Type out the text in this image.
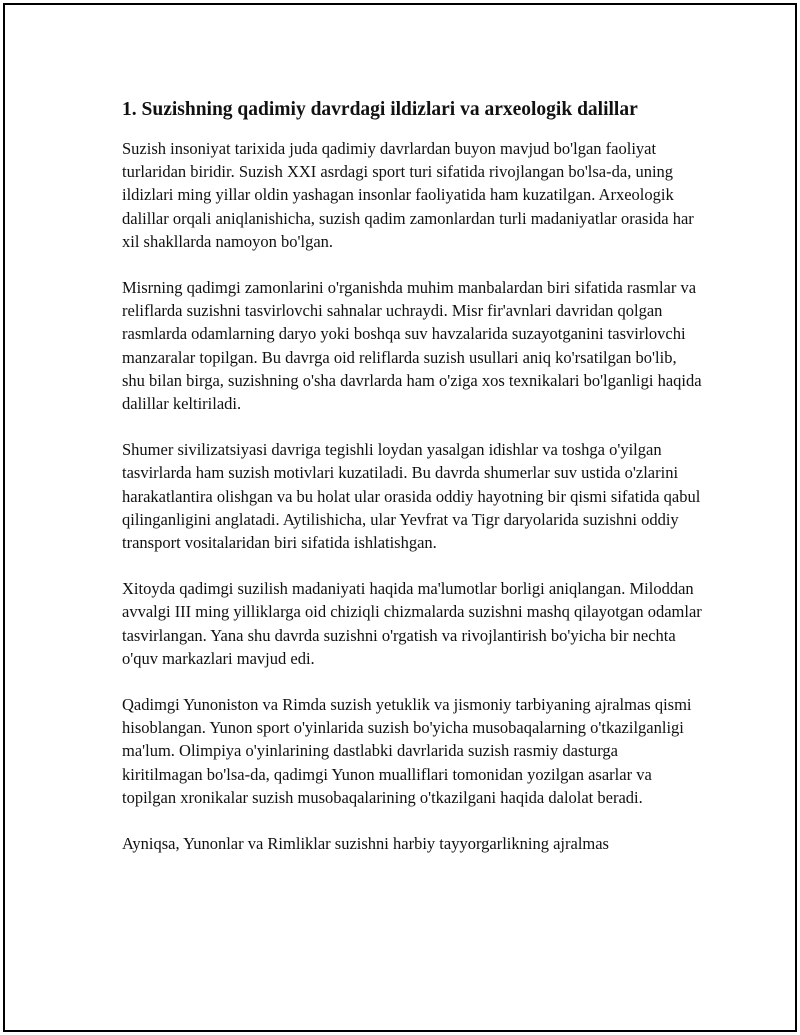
1. Suzishning qadimiy davrdagi ildizlari va arxeologik dalillar

Suzish insoniyat tarixida juda qadimiy davrlardan buyon mavjud bo'lgan faoliyat turlaridan biridir. Suzish XXI asrdagi sport turi sifatida rivojlangan bo'lsa-da, uning ildizlari ming yillar oldin yashagan insonlar faoliyatida ham kuzatilgan. Arxeologik dalillar orqali aniqlanishicha, suzish qadim zamonlardan turli madaniyatlar orasida har xil shakllarda namoyon bo'lgan.

Misrning qadimgi zamonlarini o'rganishda muhim manbalardan biri sifatida rasmlar va reliflarda suzishni tasvirlovchi sahnalar uchraydi. Misr fir'avnlari davridan qolgan rasmlarda odamlarning daryo yoki boshqa suv havzalarida suzayotganini tasvirlovchi manzaralar topilgan. Bu davrga oid reliflarda suzish usullari aniq ko'rsatilgan bo'lib, shu bilan birga, suzishning o'sha davrlarda ham o'ziga xos texnikalari bo'lganligi haqida dalillar keltiriladi.

Shumer sivilizatsiyasi davriga tegishli loydan yasalgan idishlar va toshga o'yilgan tasvirlarda ham suzish motivlari kuzatiladi. Bu davrda shumerlar suv ustida o'zlarini harakatlantira olishgan va bu holat ular orasida oddiy hayotning bir qismi sifatida qabul qilinganligini anglatadi. Aytilishicha, ular Yevfrat va Tigr daryolarida suzishni oddiy transport vositalaridan biri sifatida ishlatishgan.

Xitoyda qadimgi suzilish madaniyati haqida ma'lumotlar borligi aniqlangan. Miloddan avvalgi III ming yilliklarga oid chiziqli chizmalarda suzishni mashq qilayotgan odamlar tasvirlangan. Yana shu davrda suzishni o'rgatish va rivojlantirish bo'yicha bir nechta o'quv markazlari mavjud edi.

Qadimgi Yunoniston va Rimda suzish yetuklik va jismoniy tarbiyaning ajralmas qismi hisoblangan. Yunon sport o'yinlarida suzish bo'yicha musobaqalarning o'tkazilganligi ma'lum. Olimpiya o'yinlarining dastlabki davrlarida suzish rasmiy dasturga kiritilmagan bo'lsa-da, qadimgi Yunon mualliflari tomonidan yozilgan asarlar va topilgan xronikalar suzish musobaqalarining o'tkazilgani haqida dalolat beradi.

Ayniqsa, Yunonlar va Rimliklar suzishni harbiy tayyorgarlikning ajralmas
